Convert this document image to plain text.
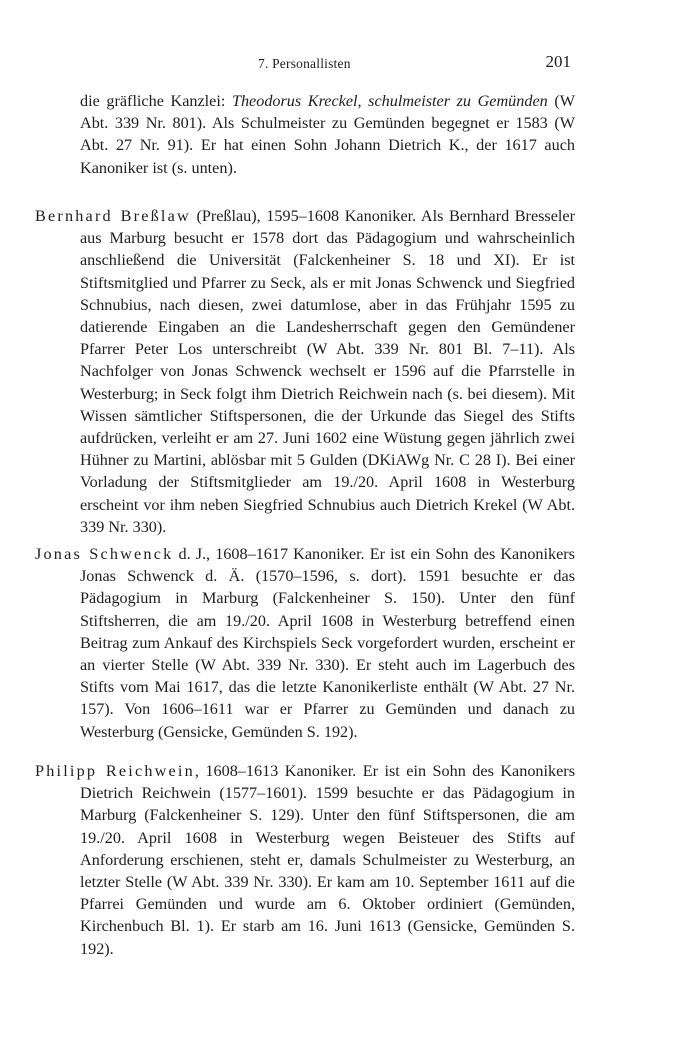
7. Personallisten	201

die gräfliche Kanzlei: Theodorus Kreckel, schulmeister zu Gemünden (W Abt. 339 Nr. 801). Als Schulmeister zu Gemünden begegnet er 1583 (W Abt. 27 Nr. 91). Er hat einen Sohn Johann Dietrich K., der 1617 auch Kanoniker ist (s. unten).

Bernhard Breßlaw (Preßlau), 1595–1608 Kanoniker. Als Bernhard Bresseler aus Marburg besucht er 1578 dort das Pädagogium und wahrscheinlich anschließend die Universität (Falckenheiner S. 18 und XI). Er ist Stiftsmitglied und Pfarrer zu Seck, als er mit Jonas Schwenck und Siegfried Schnubius, nach diesen, zwei datumlose, aber in das Frühjahr 1595 zu datierende Eingaben an die Landesherrschaft gegen den Gemündener Pfarrer Peter Los unterschreibt (W Abt. 339 Nr. 801 Bl. 7–11). Als Nachfolger von Jonas Schwenck wechselt er 1596 auf die Pfarrstelle in Westerburg; in Seck folgt ihm Dietrich Reichwein nach (s. bei diesem). Mit Wissen sämtlicher Stiftspersonen, die der Urkunde das Siegel des Stifts aufdrücken, verleiht er am 27. Juni 1602 eine Wüstung gegen jährlich zwei Hühner zu Martini, ablösbar mit 5 Gulden (DKiAWg Nr. C 28 I). Bei einer Vorladung der Stiftsmitglieder am 19./20. April 1608 in Westerburg erscheint vor ihm neben Siegfried Schnubius auch Dietrich Krekel (W Abt. 339 Nr. 330).

Jonas Schwenck d. J., 1608–1617 Kanoniker. Er ist ein Sohn des Kanonikers Jonas Schwenck d. Ä. (1570–1596, s. dort). 1591 besuchte er das Pädagogium in Marburg (Falckenheiner S. 150). Unter den fünf Stiftsherren, die am 19./20. April 1608 in Westerburg betreffend einen Beitrag zum Ankauf des Kirchspiels Seck vorgefordert wurden, erscheint er an vierter Stelle (W Abt. 339 Nr. 330). Er steht auch im Lagerbuch des Stifts vom Mai 1617, das die letzte Kanonikerliste enthält (W Abt. 27 Nr. 157). Von 1606–1611 war er Pfarrer zu Gemünden und danach zu Westerburg (Gensicke, Gemünden S. 192).

Philipp Reichwein, 1608–1613 Kanoniker. Er ist ein Sohn des Kanonikers Dietrich Reichwein (1577–1601). 1599 besuchte er das Pädagogium in Marburg (Falckenheiner S. 129). Unter den fünf Stiftspersonen, die am 19./20. April 1608 in Westerburg wegen Beisteuer des Stifts auf Anforderung erschienen, steht er, damals Schulmeister zu Westerburg, an letzter Stelle (W Abt. 339 Nr. 330). Er kam am 10. September 1611 auf die Pfarrei Gemünden und wurde am 6. Oktober ordiniert (Gemünden, Kirchenbuch Bl. 1). Er starb am 16. Juni 1613 (Gensicke, Gemünden S. 192).
